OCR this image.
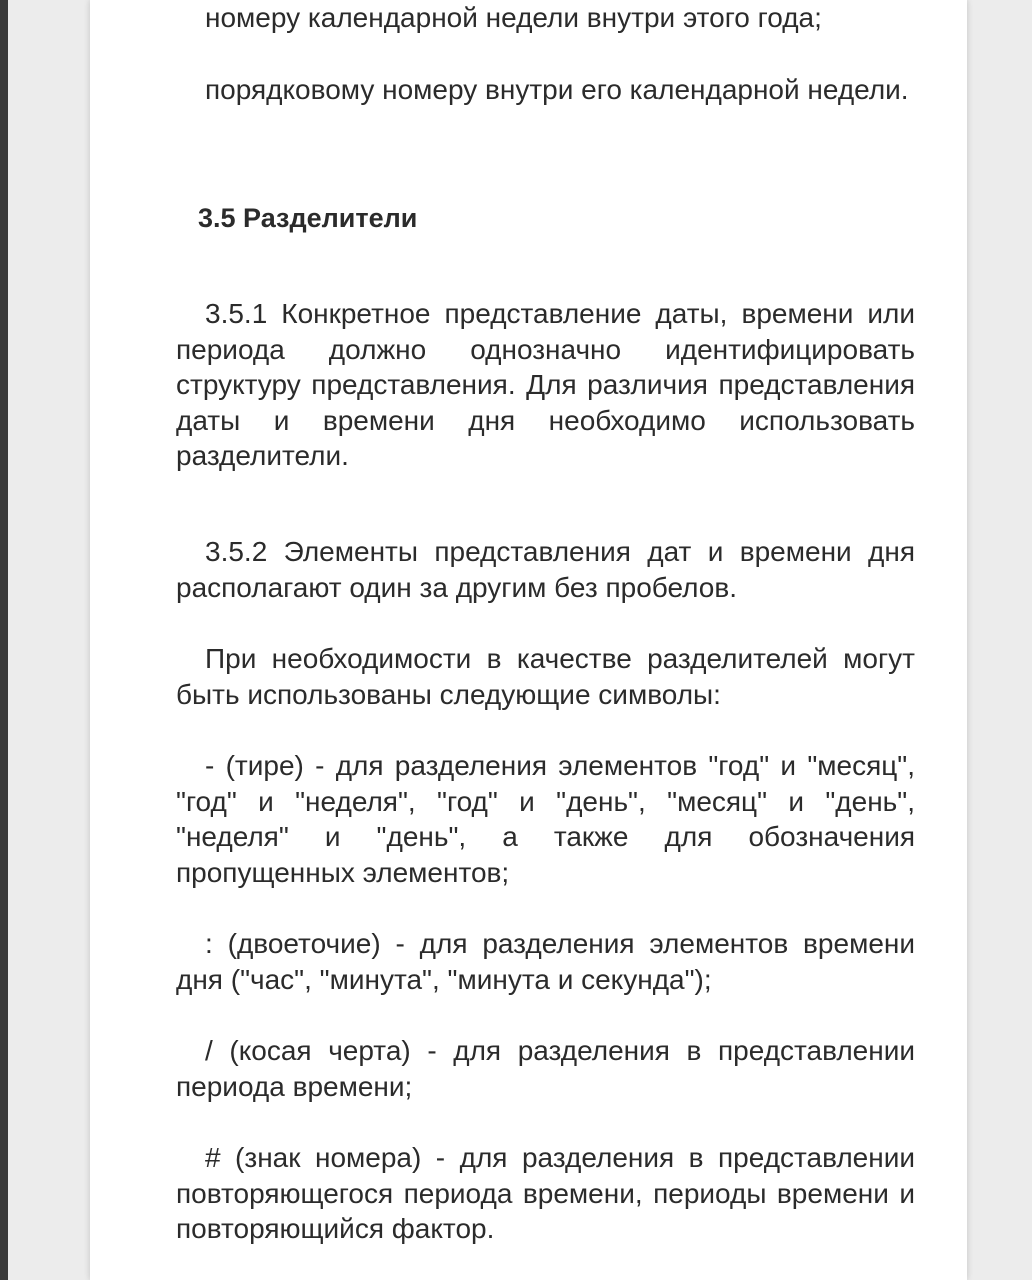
номеру календарной недели внутри этого года;

порядковому номеру внутри его календарной недели.

3.5 Разделители

3.5.1 Конкретное представление даты, времени или периода должно однозначно идентифицировать структуру представления. Для различия представления даты и времени дня необходимо использовать разделители.

3.5.2 Элементы представления дат и времени дня располагают один за другим без пробелов.

При необходимости в качестве разделителей могут быть использованы следующие символы:

- (тире) - для разделения элементов "год" и "месяц", "год" и "неделя", "год" и "день", "месяц" и "день", "неделя" и "день", а также для обозначения пропущенных элементов;

: (двоеточие) - для разделения элементов времени дня ("час", "минута", "минута и секунда");

/ (косая черта) - для разделения в представлении периода времени;

# (знак номера) - для разделения в представлении повторяющегося периода времени, периоды времени и повторяющийся фактор.
